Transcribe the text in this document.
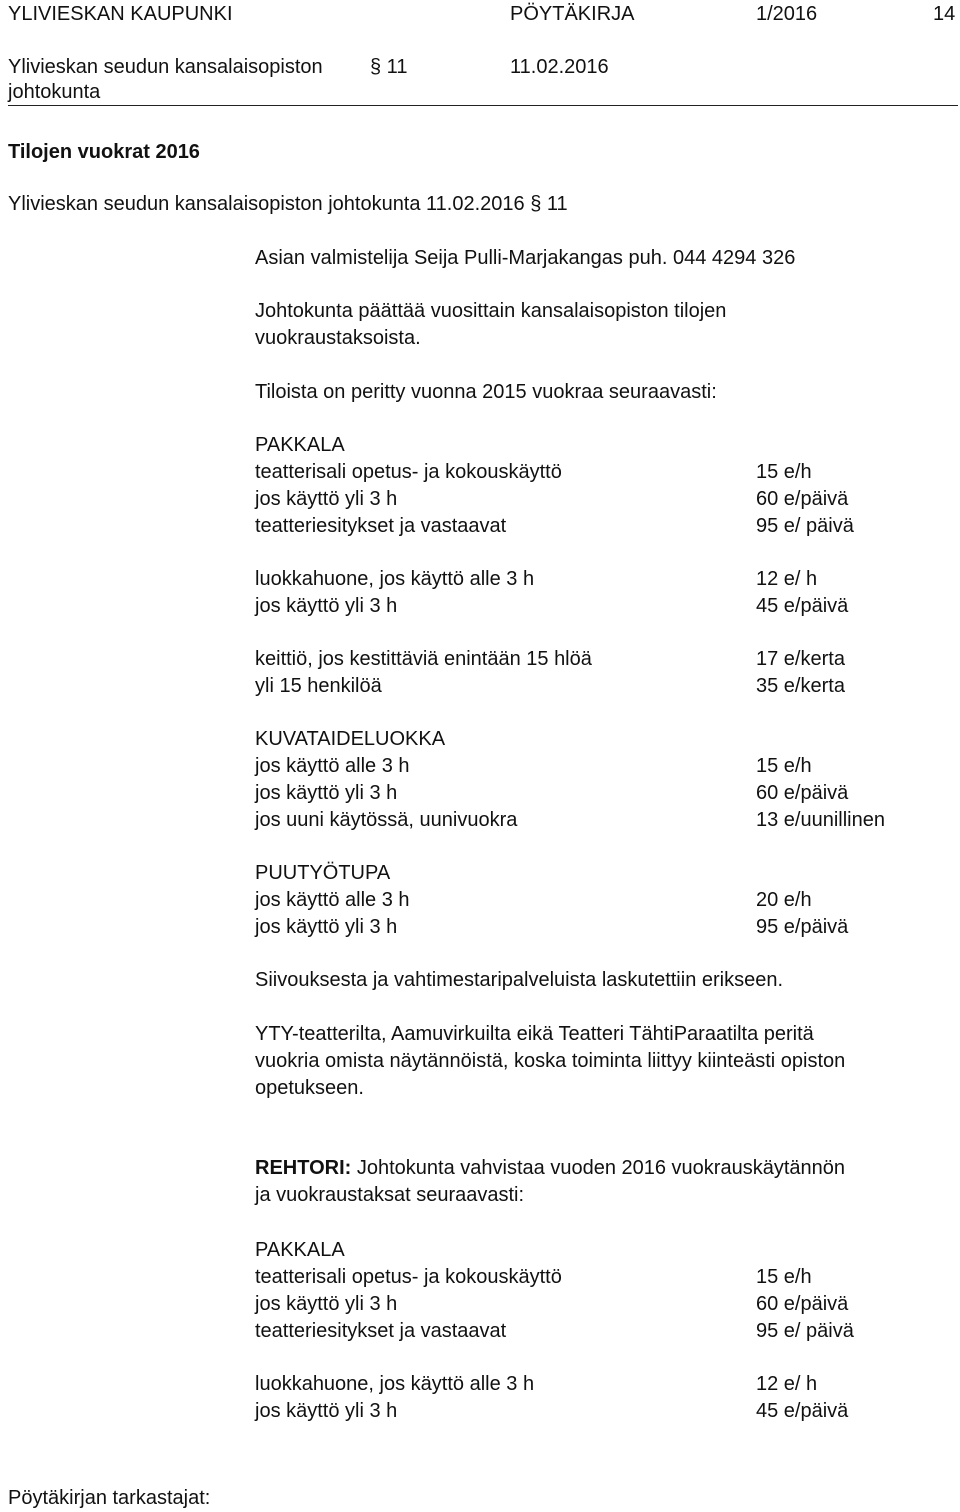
YLIVIESKAN KAUPUNKI	PÖYTÄKIRJA	1/2016	14
Ylivieskan seudun kansalaisopiston § 11	11.02.2016
johtokunta
Tilojen vuokrat 2016
Ylivieskan seudun kansalaisopiston johtokunta 11.02.2016 § 11
Asian valmistelija Seija Pulli-Marjakangas puh. 044 4294 326
Johtokunta päättää vuosittain kansalaisopiston tilojen
vuokraustaksoista.
Tiloista on peritty vuonna 2015 vuokraa seuraavasti:
PAKKALA
teatterisali opetus- ja kokouskäyttö	15 e/h
jos käyttö yli 3 h	60 e/päivä
teatteriesitykset ja vastaavat	95 e/ päivä
luokkahuone, jos käyttö alle 3 h	12 e/ h
jos käyttö yli 3 h	45 e/päivä
keittiö, jos kestittäviä enintään 15 hlöä	17 e/kerta
yli 15 henkilöä	35 e/kerta
KUVATAIDELUOKKA
jos käyttö alle 3 h	15 e/h
jos käyttö yli 3 h	60 e/päivä
jos uuni käytössä, uunivuokra	13 e/uunillinen
PUUTYÖTUPA
jos käyttö alle 3 h	20 e/h
jos käyttö yli 3 h	95 e/päivä
Siivouksesta ja vahtimestaripalveluista laskutettiin erikseen.
YTY-teatterilta, Aamuvirkuilta eikä Teatteri TähtiParaatilta peritä
vuokria omista näytännöistä, koska toiminta liittyy kiinteästi opiston
opetukseen.
REHTORI: Johtokunta vahvistaa vuoden 2016 vuokrauskäytännön
ja vuokraustaksat seuraavasti:
PAKKALA
teatterisali opetus- ja kokouskäyttö	15 e/h
jos käyttö yli 3 h	60 e/päivä
teatteriesitykset ja vastaavat	95 e/ päivä
luokkahuone, jos käyttö alle 3 h	12 e/ h
jos käyttö yli 3 h	45 e/päivä
Pöytäkirjan tarkastajat:
